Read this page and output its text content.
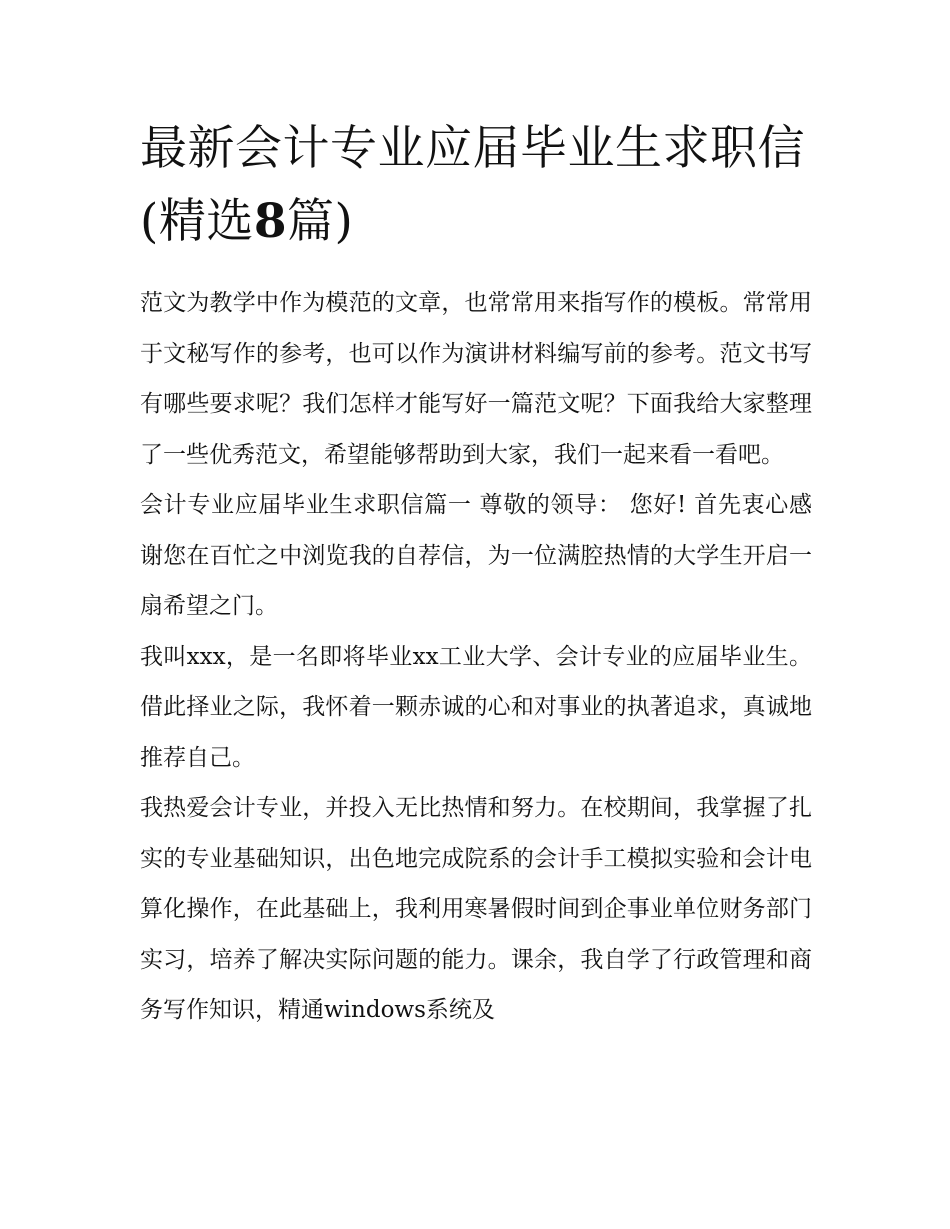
最新会计专业应届毕业生求职信(精选8篇)

范文为教学中作为模范的文章，也常常用来指写作的模板。常常用于文秘写作的参考，也可以作为演讲材料编写前的参考。范文书写有哪些要求呢？我们怎样才能写好一篇范文呢？下面我给大家整理了一些优秀范文，希望能够帮助到大家，我们一起来看一看吧。

会计专业应届毕业生求职信篇一 尊敬的领导： 您好! 首先衷心感谢您在百忙之中浏览我的自荐信，为一位满腔热情的大学生开启一扇希望之门。

我叫xxx，是一名即将毕业xx工业大学、会计专业的应届毕业生。借此择业之际，我怀着一颗赤诚的心和对事业的执著追求，真诚地推荐自己。

我热爱会计专业，并投入无比热情和努力。在校期间，我掌握了扎实的专业基础知识，出色地完成院系的会计手工模拟实验和会计电算化操作，在此基础上，我利用寒暑假时间到企事业单位财务部门实习，培养了解决实际问题的能力。课余，我自学了行政管理和商务写作知识，精通windows系统及
